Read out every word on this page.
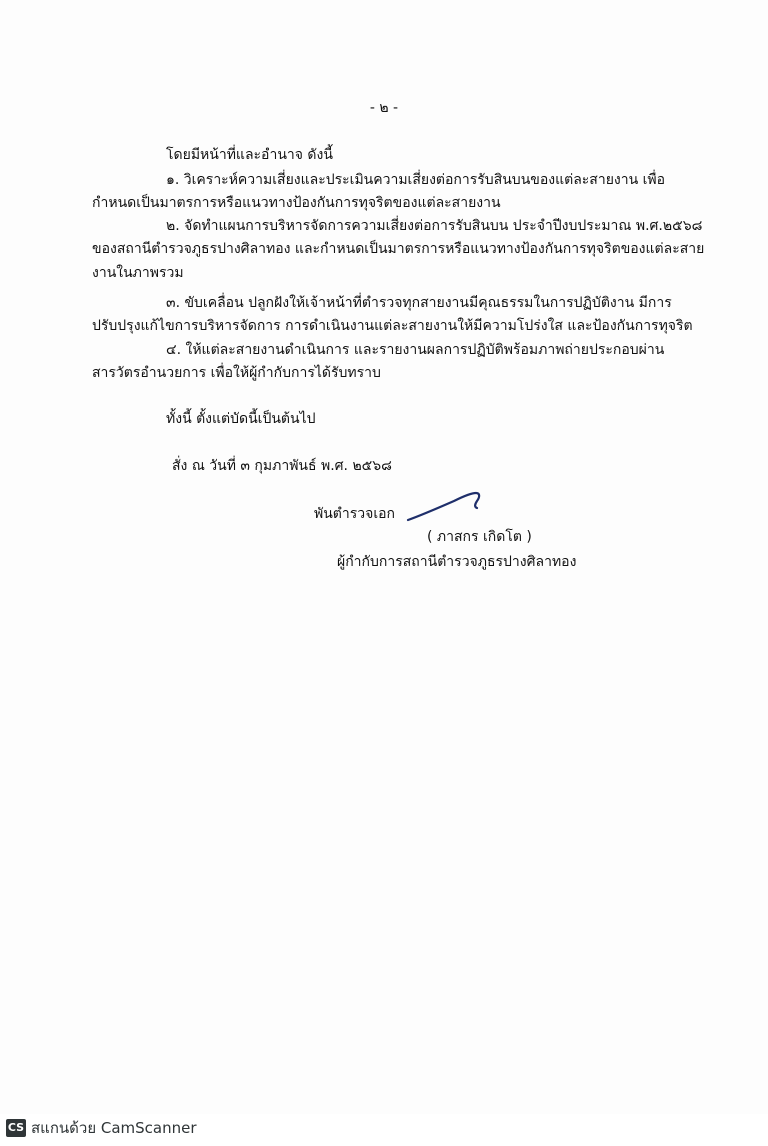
- ๒ -
โดยมีหน้าที่และอำนาจ ดังนี้
๑. วิเคราะห์ความเสี่ยงและประเมินความเสี่ยงต่อการรับสินบนของแต่ละสายงาน เพื่อ
กำหนดเป็นมาตรการหรือแนวทางป้องกันการทุจริตของแต่ละสายงาน
๒. จัดทำแผนการบริหารจัดการความเสี่ยงต่อการรับสินบน ประจำปีงบประมาณ พ.ศ.๒๕๖๘
ของสถานีตำรวจภูธรปางศิลาทอง และกำหนดเป็นมาตรการหรือแนวทางป้องกันการทุจริตของแต่ละสาย
งานในภาพรวม
๓. ขับเคลื่อน ปลูกฝังให้เจ้าหน้าที่ตำรวจทุกสายงานมีคุณธรรมในการปฏิบัติงาน มีการ
ปรับปรุงแก้ไขการบริหารจัดการ การดำเนินงานแต่ละสายงานให้มีความโปร่งใส และป้องกันการทุจริต
๔. ให้แต่ละสายงานดำเนินการ และรายงานผลการปฏิบัติพร้อมภาพถ่ายประกอบผ่าน
สารวัตรอำนวยการ เพื่อให้ผู้กำกับการได้รับทราบ
ทั้งนี้ ตั้งแต่บัดนี้เป็นต้นไป
สั่ง ณ วันที่ ๓ กุมภาพันธ์ พ.ศ. ๒๕๖๘
พันตำรวจเอก
( ภาสกร เกิดโต )
ผู้กำกับการสถานีตำรวจภูธรปางศิลาทอง
CS สแกนด้วย CamScanner
